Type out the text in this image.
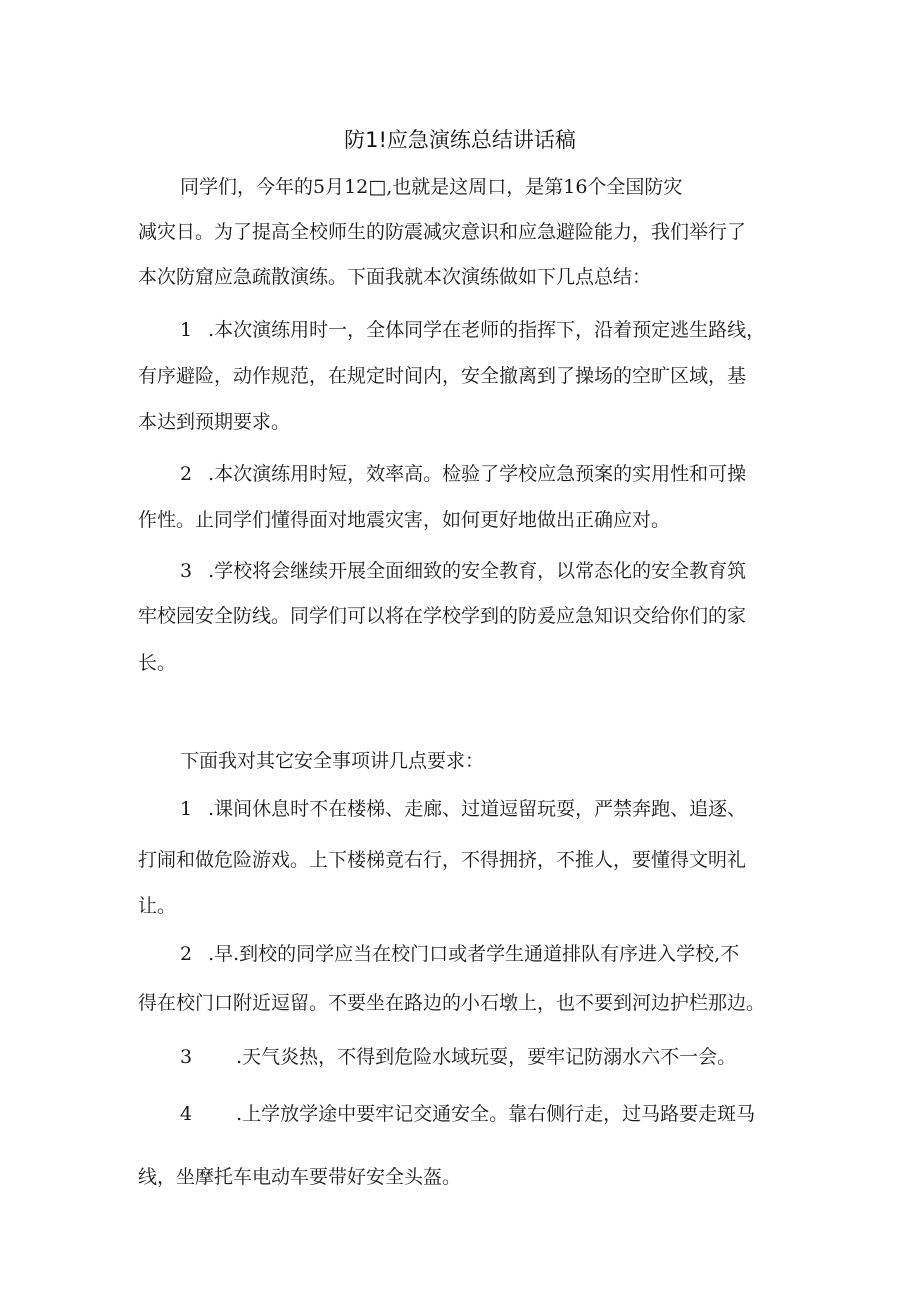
防1!应急演练总结讲话稿
同学们，今年的5月12□,也就是这周口，是第16个全国防灾
减灾日。为了提高全校师生的防震减灾意识和应急避险能力，我们举行了
本次防窟应急疏散演练。下面我就本次演练做如下几点总结：
1 .本次演练用时一，全体同学在老师的指挥下，沿着预定逃生路线，
有序避险，动作规范，在规定时间内，安全撤离到了操场的空旷区域，基
本达到预期要求。
2 .本次演练用时短，效率高。检验了学校应急预案的实用性和可操
作性。止同学们懂得面对地震灾害，如何更好地做出正确应对。
3 .学校将会继续开展全面细致的安全教育，以常态化的安全教育筑
牢校园安全防线。同学们可以将在学校学到的防爰应急知识交给你们的家
长。
下面我对其它安全事项讲几点要求：
1 .课间休息时不在楼梯、走廊、过道逗留玩耍，严禁奔跑、追逐、
打闹和做危险游戏。上下楼梯竟右行，不得拥挤，不推人，要懂得文明礼
让。
2 .早.到校的同学应当在校门口或者学生通道排队有序进入学校,不
得在校门口附近逗留。不要坐在路边的小石墩上，也不要到河边护栏那边。
3 .天气炎热，不得到危险水域玩耍，要牢记防溺水六不一会。
4 .上学放学途中要牢记交通安全。靠右侧行走，过马路要走斑马
线，坐摩托车电动车要带好安全头盔。
